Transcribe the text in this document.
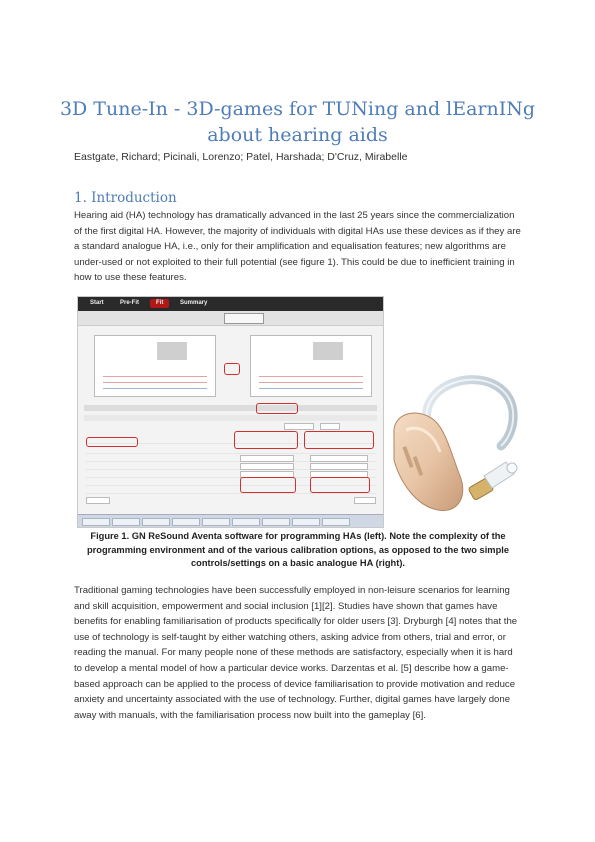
3D Tune-In - 3D-games for TUNing and lEarnINg
about hearing aids
Eastgate, Richard; Picinali, Lorenzo; Patel, Harshada; D'Cruz, Mirabelle
1. Introduction

Hearing aid (HA) technology has dramatically advanced in the last 25 years since the commercialization of the first digital HA. However, the majority of individuals with digital HAs use these devices as if they are a standard analogue HA, i.e., only for their amplification and equalisation features; new algorithms are under-used or not exploited to their full potential (see figure 1). This could be due to inefficient training in how to use these features.

Start	Pre-Fit	Fit	Summary
Figure 1. GN ReSound Aventa software for programming HAs (left). Note the complexity of the programming environment and of the various calibration options, as opposed to the two simple controls/settings on a basic analogue HA (right).

Traditional gaming technologies have been successfully employed in non-leisure scenarios for learning and skill acquisition, empowerment and social inclusion [1][2]. Studies have shown that games have benefits for enabling familiarisation of products specifically for older users [3]. Dryburgh [4] notes that the use of technology is self-taught by either watching others, asking advice from others, trial and error, or reading the manual. For many people none of these methods are satisfactory, especially when it is hard to develop a mental model of how a particular device works. Darzentas et al. [5] describe how a game-based approach can be applied to the process of device familiarisation to provide motivation and reduce anxiety and uncertainty associated with the use of technology. Further, digital games have largely done away with manuals, with the familiarisation process now built into the gameplay [6].
